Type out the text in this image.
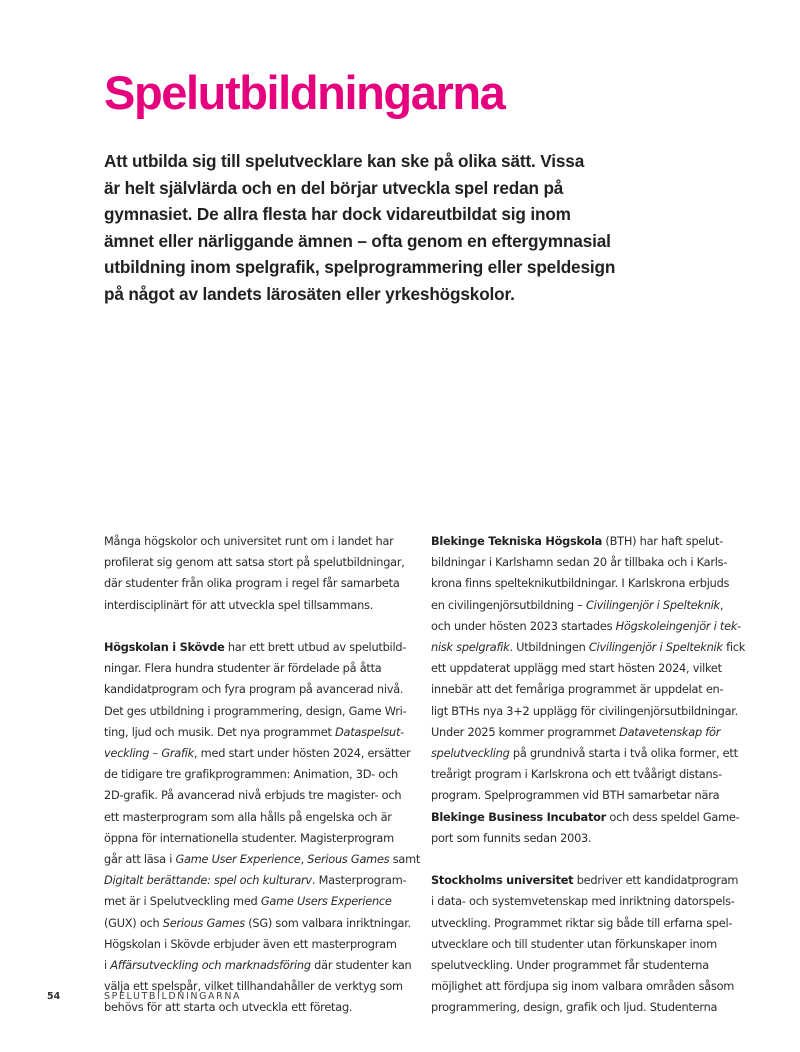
Spelutbildningarna
Att utbilda sig till spelutvecklare kan ske på olika sätt. Vissa
är helt självlärda och en del börjar utveckla spel redan på
gymnasiet. De allra flesta har dock vidareutbildat sig inom
ämnet eller närliggande ämnen – ofta genom en eftergymnasial
utbildning inom spelgrafik, spelprogrammering eller speldesign
på något av landets lärosäten eller yrkeshögskolor.

Många högskolor och universitet runt om i landet har
profilerat sig genom att satsa stort på spelutbildningar,
där studenter från olika program i regel får samarbeta
interdisciplinärt för att utveckla spel tillsammans.

Högskolan i Skövde har ett brett utbud av spelutbild-
ningar. Flera hundra studenter är fördelade på åtta
kandidatprogram och fyra program på avancerad nivå.
Det ges utbildning i programmering, design, Game Wri-
ting, ljud och musik. Det nya programmet Dataspelsut-
veckling – Grafik, med start under hösten 2024, ersätter
de tidigare tre grafikprogrammen: Animation, 3D- och
2D-grafik. På avancerad nivå erbjuds tre magister- och
ett masterprogram som alla hålls på engelska och är
öppna för internationella studenter. Magisterprogram
går att läsa i Game User Experience, Serious Games samt
Digitalt berättande: spel och kulturarv. Masterprogram-
met är i Spelutveckling med Game Users Experience
(GUX) och Serious Games (SG) som valbara inriktningar.
Högskolan i Skövde erbjuder även ett masterprogram
i Affärsutveckling och marknadsföring där studenter kan
välja ett spelspår, vilket tillhandahåller de verktyg som
behövs för att starta och utveckla ett företag.

Blekinge Tekniska Högskola (BTH) har haft spelut-
bildningar i Karlshamn sedan 20 år tillbaka och i Karls-
krona finns spelteknikutbildningar. I Karlskrona erbjuds
en civilingenjörsutbildning – Civilingenjör i Spelteknik,
och under hösten 2023 startades Högskoleingenjör i tek-
nisk spelgrafik. Utbildningen Civilingenjör i Spelteknik fick
ett uppdaterat upplägg med start hösten 2024, vilket
innebär att det femåriga programmet är uppdelat en-
ligt BTHs nya 3+2 upplägg för civilingenjörsutbildningar.
Under 2025 kommer programmet Datavetenskap för
spelutveckling på grundnivå starta i två olika former, ett
treårigt program i Karlskrona och ett tvåårigt distans-
program. Spelprogrammen vid BTH samarbetar nära
Blekinge Business Incubator och dess speldel Game-
port som funnits sedan 2003.

Stockholms universitet bedriver ett kandidatprogram
i data- och systemvetenskap med inriktning datorspels-
utveckling. Programmet riktar sig både till erfarna spel-
utvecklare och till studenter utan förkunskaper inom
spelutveckling. Under programmet får studenterna
möjlighet att fördjupa sig inom valbara områden såsom
programmering, design, grafik och ljud. Studenterna

54	SPELUTBILDNINGARNA
